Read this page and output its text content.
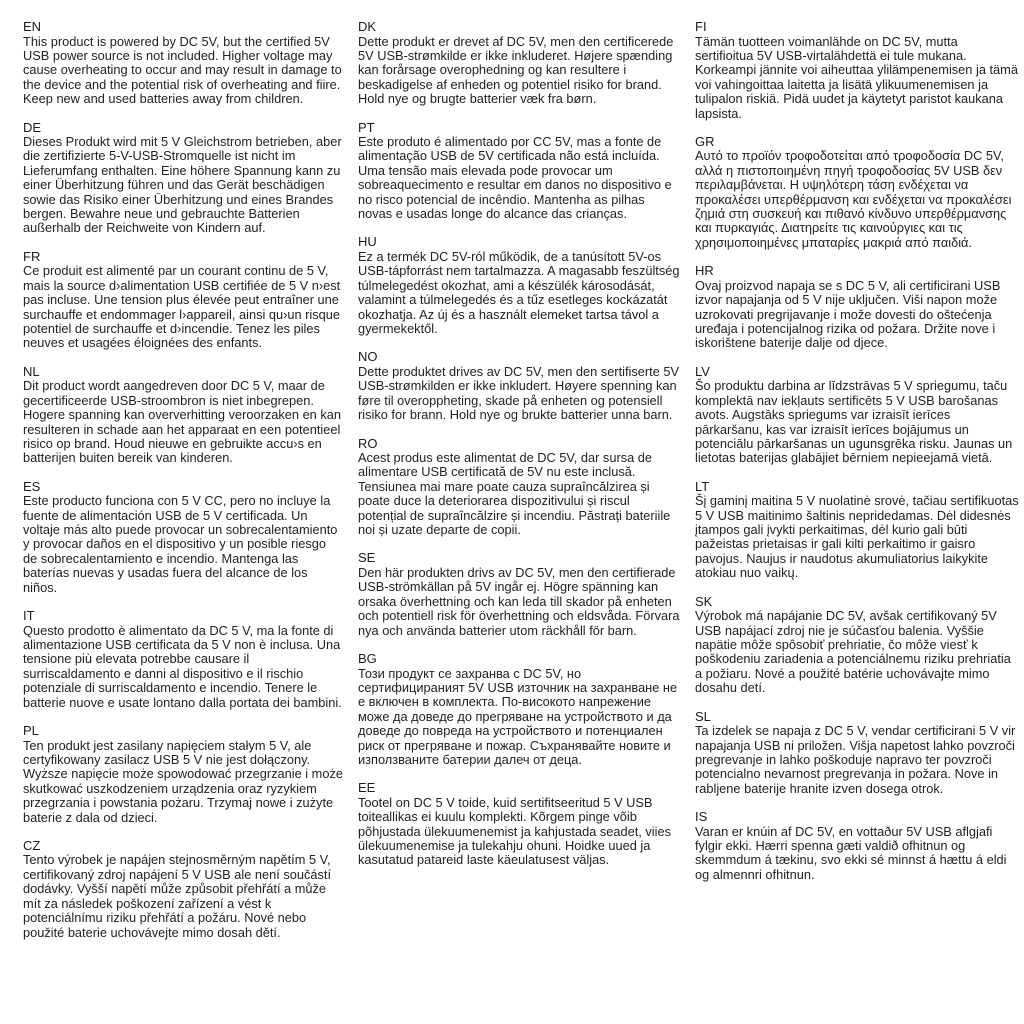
EN
This product is powered by DC 5V, but the certified 5V USB power source is not included. Higher voltage may cause overheating to occur and may result in damage to the device and the potential risk of overheating and fiire. Keep new and used batteries away from children.
DE
Dieses Produkt wird mit 5 V Gleichstrom betrieben, aber die zertifizierte 5-V-USB-Stromquelle ist nicht im Lieferumfang enthalten. Eine höhere Spannung kann zu einer Überhitzung führen und das Gerät beschädigen sowie das Risiko einer Überhitzung und eines Brandes bergen. Bewahre neue und gebrauchte Batterien außerhalb der Reichweite von Kindern auf.
FR
Ce produit est alimenté par un courant continu de 5 V, mais la source d›alimentation USB certifiée de 5 V n›est pas incluse. Une tension plus élevée peut entraîner une surchauffe et endommager l›appareil, ainsi qu›un risque potentiel de surchauffe et d›incendie. Tenez les piles neuves et usagées éloignées des enfants.
NL
Dit product wordt aangedreven door DC 5 V, maar de gecertificeerde USB-stroombron is niet inbegrepen. Hogere spanning kan oververhitting veroorzaken en kan resulteren in schade aan het apparaat en een potentieel risico op brand. Houd nieuwe en gebruikte accu›s en batterijen buiten bereik van kinderen.
ES
Este producto funciona con 5 V CC, pero no incluye la fuente de alimentación USB de 5 V certificada. Un voltaje más alto puede provocar un sobrecalentamiento y provocar daños en el dispositivo y un posible riesgo de sobrecalentamiento e incendio. Mantenga las baterías nuevas y usadas fuera del alcance de los niños.
IT
Questo prodotto è alimentato da DC 5 V, ma la fonte di alimentazione USB certificata da 5 V non è inclusa. Una tensione più elevata potrebbe causare il surriscaldamento e danni al dispositivo e il rischio potenziale di surriscaldamento e incendio. Tenere le batterie nuove e usate lontano dalla portata dei bambini.
PL
Ten produkt jest zasilany napięciem stałym 5 V, ale certyfikowany zasilacz USB 5 V nie jest dołączony. Wyższe napięcie może spowodować przegrzanie i może skutkować uszkodzeniem urządzenia oraz ryzykiem przegrzania i powstania pożaru. Trzymaj nowe i zużyte baterie z dala od dzieci.
CZ
Tento výrobek je napájen stejnosměrným napětím 5 V, certifikovaný zdroj napájení 5 V USB ale není součástí dodávky. Vyšší napětí může způsobit přehřátí a může mít za následek poškození zařízení a vést k potenciálnímu riziku přehřátí a požáru. Nové nebo použité baterie uchovávejte mimo dosah dětí.
DK
Dette produkt er drevet af DC 5V, men den certificerede 5V USB-strømkilde er ikke inkluderet. Højere spænding kan forårsage overophedning og kan resultere i beskadigelse af enheden og potentiel risiko for brand. Hold nye og brugte batterier væk fra børn.
PT
Este produto é alimentado por CC 5V, mas a fonte de alimentação USB de 5V certificada não está incluída. Uma tensão mais elevada pode provocar um sobreaquecimento e resultar em danos no dispositivo e no risco potencial de incêndio. Mantenha as pilhas novas e usadas longe do alcance das crianças.
HU
Ez a termék DC 5V-ról működik, de a tanúsított 5V-os USB-tápforrást nem tartalmazza. A magasabb feszültség túlmelegedést okozhat, ami a készülék károsodását, valamint a túlmelegedés és a tűz esetleges kockázatát okozhatja. Az új és a használt elemeket tartsa távol a gyermekektől.
NO
Dette produktet drives av DC 5V, men den sertifiserte 5V USB-strømkilden er ikke inkludert. Høyere spenning kan føre til overoppheting, skade på enheten og potensiell risiko for brann. Hold nye og brukte batterier unna barn.
RO
Acest produs este alimentat de DC 5V, dar sursa de alimentare USB certificată de 5V nu este inclusă. Tensiunea mai mare poate cauza supraîncălzirea și poate duce la deteriorarea dispozitivului și riscul potențial de supraîncălzire și incendiu. Păstrați bateriile noi și uzate departe de copii.
SE
Den här produkten drivs av DC 5V, men den certifierade USB-strömkällan på 5V ingår ej. Högre spänning kan orsaka överhettning och kan leda till skador på enheten och potentiell risk för överhettning och eldsvåda. Förvara nya och använda batterier utom räckhåll för barn.
BG
Този продукт се захранва с DC 5V, но сертифицираният 5V USB източник на захранване не е включен в комплекта. По-високото напрежение може да доведе до прегряване на устройството и да доведе до повреда на устройството и потенциален риск от прегряване и пожар. Съхранявайте новите и използваните батерии далеч от деца.
EE
Tootel on DC 5 V toide, kuid sertifitseeritud 5 V USB toiteallikas ei kuulu komplekti. Kõrgem pinge võib põhjustada ülekuumenemist ja kahjustada seadet, viies ülekuumenemise ja tulekahju ohuni. Hoidke uued ja kasutatud patareid laste käeulatusest väljas.
FI
Tämän tuotteen voimanlähde on DC 5V, mutta sertifioitua 5V USB-virtalähdettä ei tule mukana. Korkeampi jännite voi aiheuttaa ylilämpenemisen ja tämä voi vahingoittaa laitetta ja lisätä ylikuumenemisen ja tulipalon riskiä. Pidä uudet ja käytetyt paristot kaukana lapsista.
GR
Αυτό το προϊόν τροφοδοτείται από τροφοδοσία DC 5V, αλλά η πιστοποιημένη πηγή τροφοδοσίας 5V USB δεν περιλαμβάνεται. Η υψηλότερη τάση ενδέχεται να προκαλέσει υπερθέρμανση και ενδέχεται να προκαλέσει ζημιά στη συσκευή και πιθανό κίνδυνο υπερθέρμανσης και πυρκαγιάς. Διατηρείτε τις καινούργιες και τις χρησιμοποιημένες μπαταρίες μακριά από παιδιά.
HR
Ovaj proizvod napaja se s DC 5 V, ali certificirani USB izvor napajanja od 5 V nije uključen. Viši napon može uzrokovati pregrijavanje i može dovesti do oštećenja uređaja i potencijalnog rizika od požara. Držite nove i iskorištene baterije dalje od djece.
LV
Šo produktu darbina ar līdzstrāvas 5 V spriegumu, taču komplektā nav iekļauts sertificēts 5 V USB barošanas avots. Augstāks spriegums var izraisīt ierīces pārkaršanu, kas var izraisīt ierīces bojājumus un potenciālu pārkaršanas un ugunsgrēka risku. Jaunas un lietotas baterijas glabājiet bērniem nepieejamā vietā.
LT
Šį gaminį maitina 5 V nuolatinė srovė, tačiau sertifikuotas 5 V USB maitinimo šaltinis nepridedamas. Dėl didesnės įtampos gali įvykti perkaitimas, dėl kurio gali būti pažeistas prietaisas ir gali kilti perkaitimo ir gaisro pavojus. Naujus ir naudotus akumuliatorius laikykite atokiau nuo vaikų.
SK
Výrobok má napájanie DC 5V, avšak certifikovaný 5V USB napájací zdroj nie je súčasťou balenia. Vyššie napätie môže spôsobiť prehriatie, čo môže viesť k poškodeniu zariadenia a potenciálnemu riziku prehriatia a požiaru. Nové a použité batérie uchovávajte mimo dosahu detí.
SL
Ta izdelek se napaja z DC 5 V, vendar certificirani 5 V vir napajanja USB ni priložen. Višja napetost lahko povzroči pregrevanje in lahko poškoduje napravo ter povzroči potencialno nevarnost pregrevanja in požara. Nove in rabljene baterije hranite izven dosega otrok.
IS
Varan er knúin af DC 5V, en vottaður 5V USB aflgjafi fylgir ekki. Hærri spenna gæti valdið ofhitnun og skemmdum á tækinu, svo ekki sé minnst á hættu á eldi og almennri ofhitnun.
